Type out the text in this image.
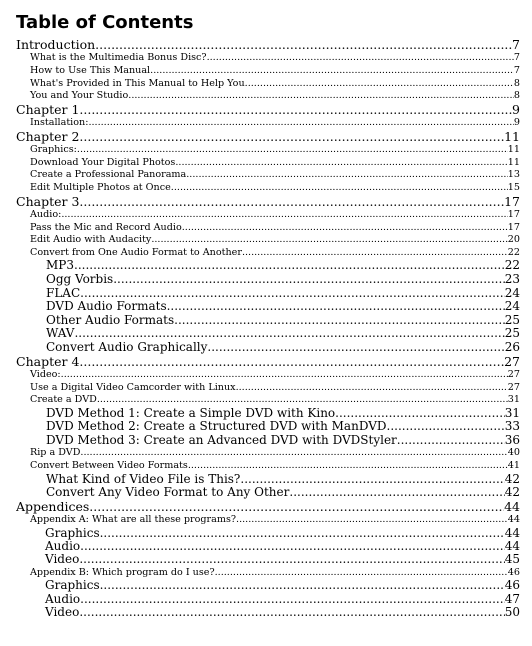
Table of Contents
Introduction .....	7
What is the Multimedia Bonus Disc? .....	7
How to Use This Manual .....	7
What's Provided in This Manual to Help You .....	8
You and Your Studio .....	8
Chapter 1 .....	9
Installation: .....	9
Chapter 2 .....	11
Graphics: .....	11
Download Your Digital Photos .....	11
Create a Professional Panorama .....	13
Edit Multiple Photos at Once .....	15
Chapter 3 .....	17
Audio: .....	17
Pass the Mic and Record Audio .....	17
Edit Audio with Audacity .....	20
Convert from One Audio Format to Another .....	22
MP3 .....	22
Ogg Vorbis .....	23
FLAC .....	24
DVD Audio Formats .....	24
Other Audio Formats .....	25
WAV .....	25
Convert Audio Graphically .....	26
Chapter 4 .....	27
Video: .....	27
Use a Digital Video Camcorder with Linux .....	27
Create a DVD .....	31
DVD Method 1: Create a Simple DVD with Kino .....	31
DVD Method 2: Create a Structured DVD with ManDVD .....	33
DVD Method 3: Create an Advanced DVD with DVDStyler .....	36
Rip a DVD .....	40
Convert Between Video Formats .....	41
What Kind of Video File is This? .....	42
Convert Any Video Format to Any Other .....	42
Appendices .....	44
Appendix A: What are all these programs? .....	44
Graphics .....	44
Audio .....	44
Video .....	45
Appendix B: Which program do I use? .....	46
Graphics .....	46
Audio .....	47
Video .....	50
